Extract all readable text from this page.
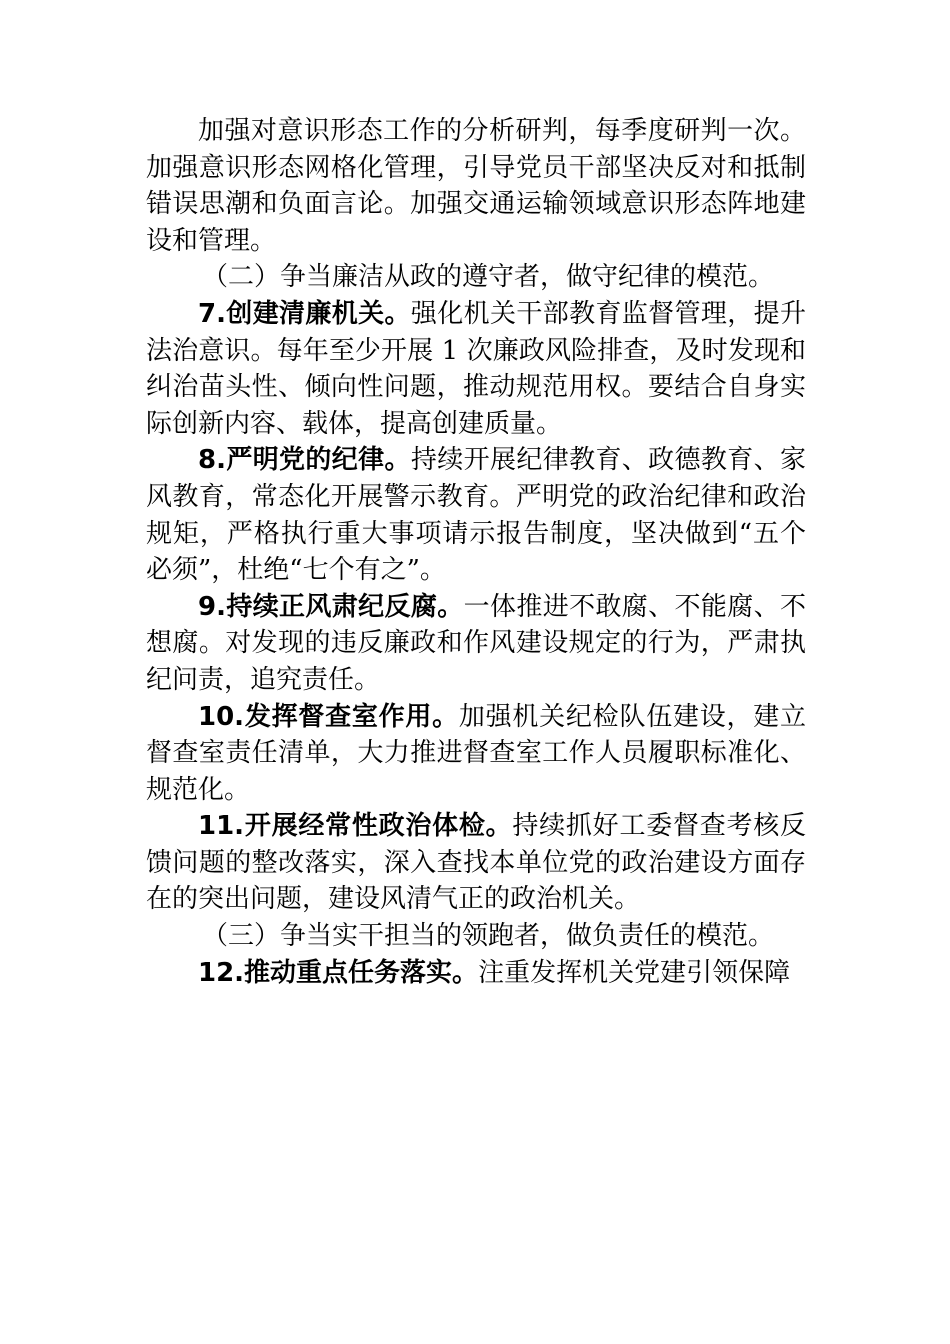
加强对意识形态工作的分析研判，每季度研判一次。加强意识形态网格化管理，引导党员干部坚决反对和抵制错误思潮和负面言论。加强交通运输领域意识形态阵地建设和管理。

（二）争当廉洁从政的遵守者，做守纪律的模范。

7.创建清廉机关。强化机关干部教育监督管理，提升法治意识。每年至少开展 1 次廉政风险排查，及时发现和纠治苗头性、倾向性问题，推动规范用权。要结合自身实际创新内容、载体，提高创建质量。

8.严明党的纪律。持续开展纪律教育、政德教育、家风教育，常态化开展警示教育。严明党的政治纪律和政治规矩，严格执行重大事项请示报告制度，坚决做到“五个必须”，杜绝“七个有之”。

9.持续正风肃纪反腐。一体推进不敢腐、不能腐、不想腐。对发现的违反廉政和作风建设规定的行为，严肃执纪问责，追究责任。

10.发挥督查室作用。加强机关纪检队伍建设，建立督查室责任清单，大力推进督查室工作人员履职标准化、规范化。

11.开展经常性政治体检。持续抓好工委督查考核反馈问题的整改落实，深入查找本单位党的政治建设方面存在的突出问题，建设风清气正的政治机关。

（三）争当实干担当的领跑者，做负责任的模范。

12.推动重点任务落实。注重发挥机关党建引领保障
